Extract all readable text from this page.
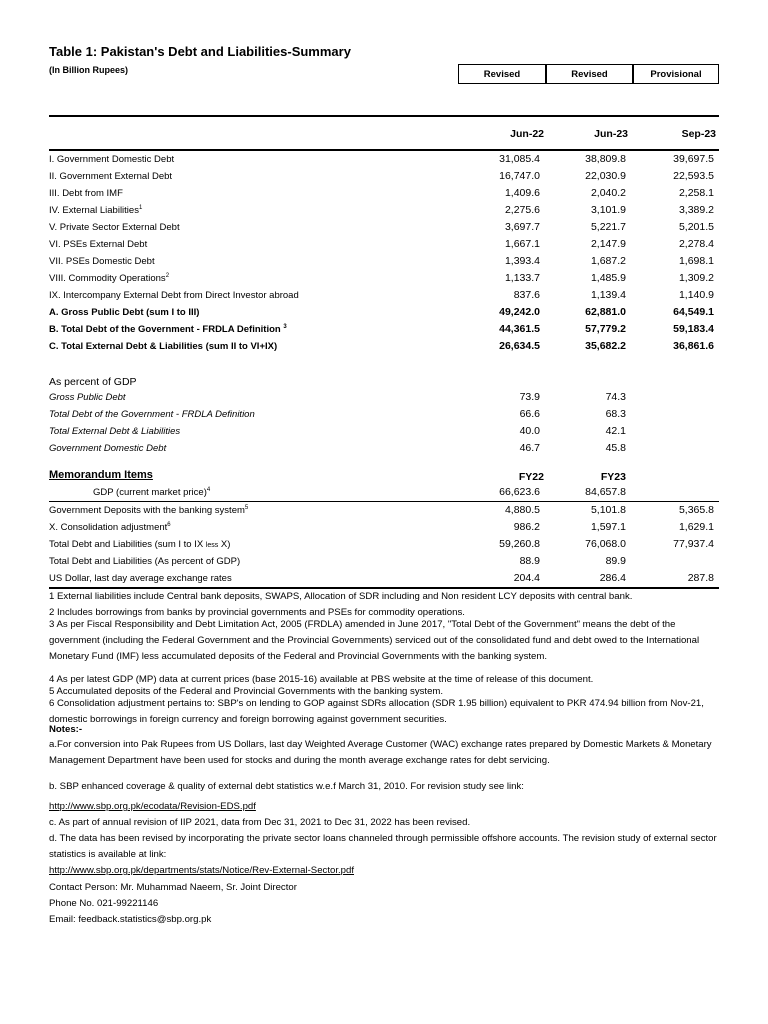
Table 1: Pakistan's Debt and Liabilities-Summary
(In Billion Rupees)	Revised	Revised	Provisional
Jun-22	Jun-23	Sep-23
I. Government Domestic Debt	31,085.4	38,809.8	39,697.5
II. Government External Debt	16,747.0	22,030.9	22,593.5
III. Debt from IMF	1,409.6	2,040.2	2,258.1
IV. External Liabilities$^1$	2,275.6	3,101.9	3,389.2
V. Private Sector External Debt	3,697.7	5,221.7	5,201.5
VI. PSEs External Debt	1,667.1	2,147.9	2,278.4
VII. PSEs Domestic Debt	1,393.4	1,687.2	1,698.1
VIII. Commodity Operations$^2$	1,133.7	1,485.9	1,309.2
IX. Intercompany External Debt from Direct Investor abroad	837.6	1,139.4	1,140.9
A. Gross Public Debt (sum I to III)	49,242.0	62,881.0	64,549.1
B. Total Debt of the Government - FRDLA Definition $^3$	44,361.5	57,779.2	59,183.4
C. Total External Debt & Liabilities (sum II to VI+IX)	26,634.5	35,682.2	36,861.6
As percent of GDP
Gross Public Debt	73.9	74.3
Total Debt of the Government - FRDLA Definition	66.6	68.3
Total External Debt & Liabilities	40.0	42.1
Government Domestic Debt	46.7	45.8
Memorandum Items	FY22	FY23
GDP (current market price)$^4$	66,623.6	84,657.8
Government Deposits with the banking system$^5$	4,880.5	5,101.8	5,365.8
X. Consolidation adjustment$^6$	986.2	1,597.1	1,629.1
Total Debt and Liabilities (sum I to IX less X)	59,260.8	76,068.0	77,937.4
Total Debt and Liabilities (As percent of GDP)	88.9	89.9
US Dollar, last day average exchange rates	204.4	286.4	287.8
1 External liabilities include Central bank deposits, SWAPS, Allocation of SDR including and Non resident LCY deposits with central bank.
2 Includes borrowings from banks by provincial governments and PSEs for commodity operations.
3 As per Fiscal Responsibility and Debt Limitation Act, 2005 (FRDLA) amended in June 2017, "Total Debt of the Government" means the debt of the government (including the Federal Government and the Provincial Governments) serviced out of the consolidated fund and debt owed to the International Monetary Fund (IMF) less accumulated deposits of the Federal and Provincial Governments with the banking system.
4 As per latest GDP (MP) data at current prices (base 2015-16) available at PBS website at the time of release of this document.
5 Accumulated deposits of the Federal and Provincial Governments with the banking system.
6 Consolidation adjustment pertains to: SBP's on lending to GOP against SDRs allocation (SDR 1.95 billion) equivalent to PKR 474.94 billion from Nov-21, domestic borrowings in foreign currency and foreign borrowing against government securities.
Notes:-
a.For conversion into Pak Rupees from US Dollars, last day Weighted Average Customer (WAC) exchange rates prepared by Domestic Markets & Monetary Management Department have been used for stocks and during the month average exchange rates for debt servicing.
b. SBP enhanced coverage & quality of external debt statistics w.e.f March 31, 2010. For revision study see link:
http://www.sbp.org.pk/ecodata/Revision-EDS.pdf
c. As part of annual revision of IIP 2021, data from Dec 31, 2021 to Dec 31, 2022 has been revised.
d. The data has been revised by incorporating the private sector loans channeled through permissible offshore accounts. The revision study of external sector statistics is available at link:
http://www.sbp.org.pk/departments/stats/Notice/Rev-External-Sector.pdf
Contact Person: Mr. Muhammad Naeem, Sr. Joint Director
Phone No. 021-99221146
Email: feedback.statistics@sbp.org.pk
